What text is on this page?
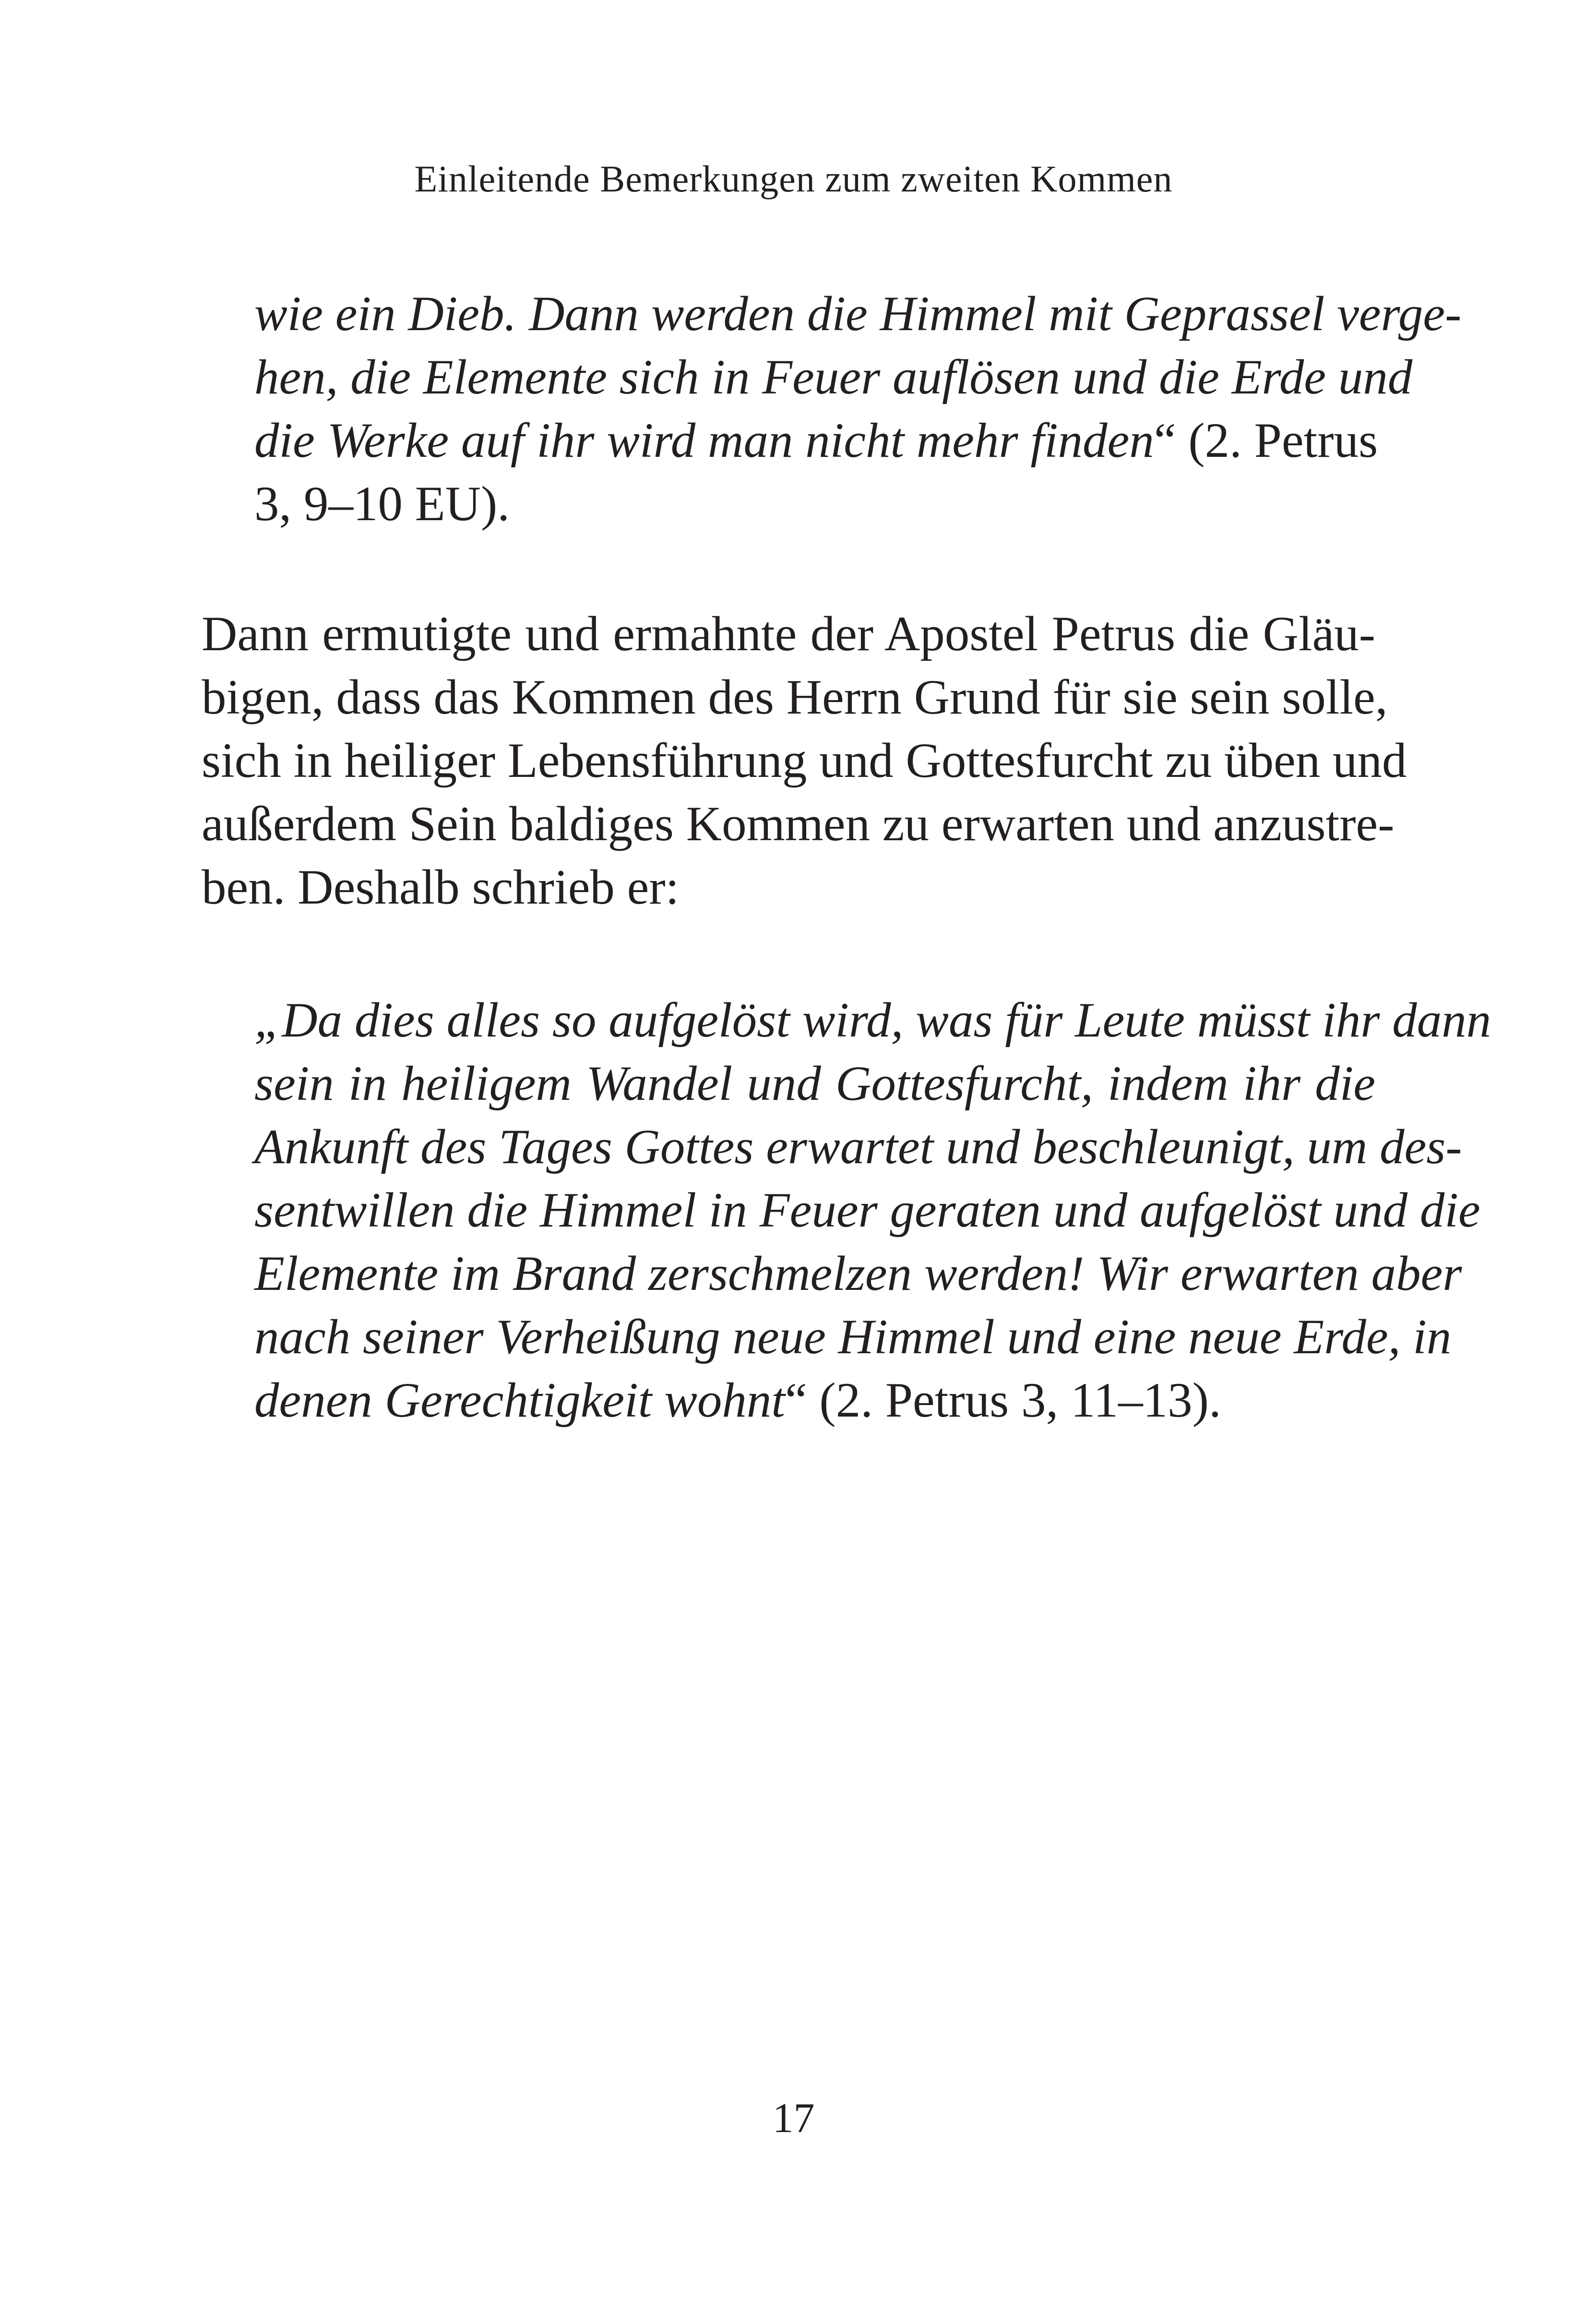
Einleitende Bemerkungen zum zweiten Kommen
wie ein Dieb. Dann werden die Himmel mit Geprassel verge-
hen, die Elemente sich in Feuer auflösen und die Erde und
die Werke auf ihr wird man nicht mehr finden“ (2. Petrus
3, 9–10 EU).
Dann ermutigte und ermahnte der Apostel Petrus die Gläu-
bigen, dass das Kommen des Herrn Grund für sie sein solle,
sich in heiliger Lebensführung und Gottesfurcht zu üben und
außerdem Sein baldiges Kommen zu erwarten und anzustre-
ben. Deshalb schrieb er:
„Da dies alles so aufgelöst wird, was für Leute müsst ihr dann
sein in heiligem Wandel und Gottesfurcht, indem ihr die
Ankunft des Tages Gottes erwartet und beschleunigt, um des-
sentwillen die Himmel in Feuer geraten und aufgelöst und die
Elemente im Brand zerschmelzen werden! Wir erwarten aber
nach seiner Verheißung neue Himmel und eine neue Erde, in
denen Gerechtigkeit wohnt“ (2. Petrus 3, 11–13).
17
